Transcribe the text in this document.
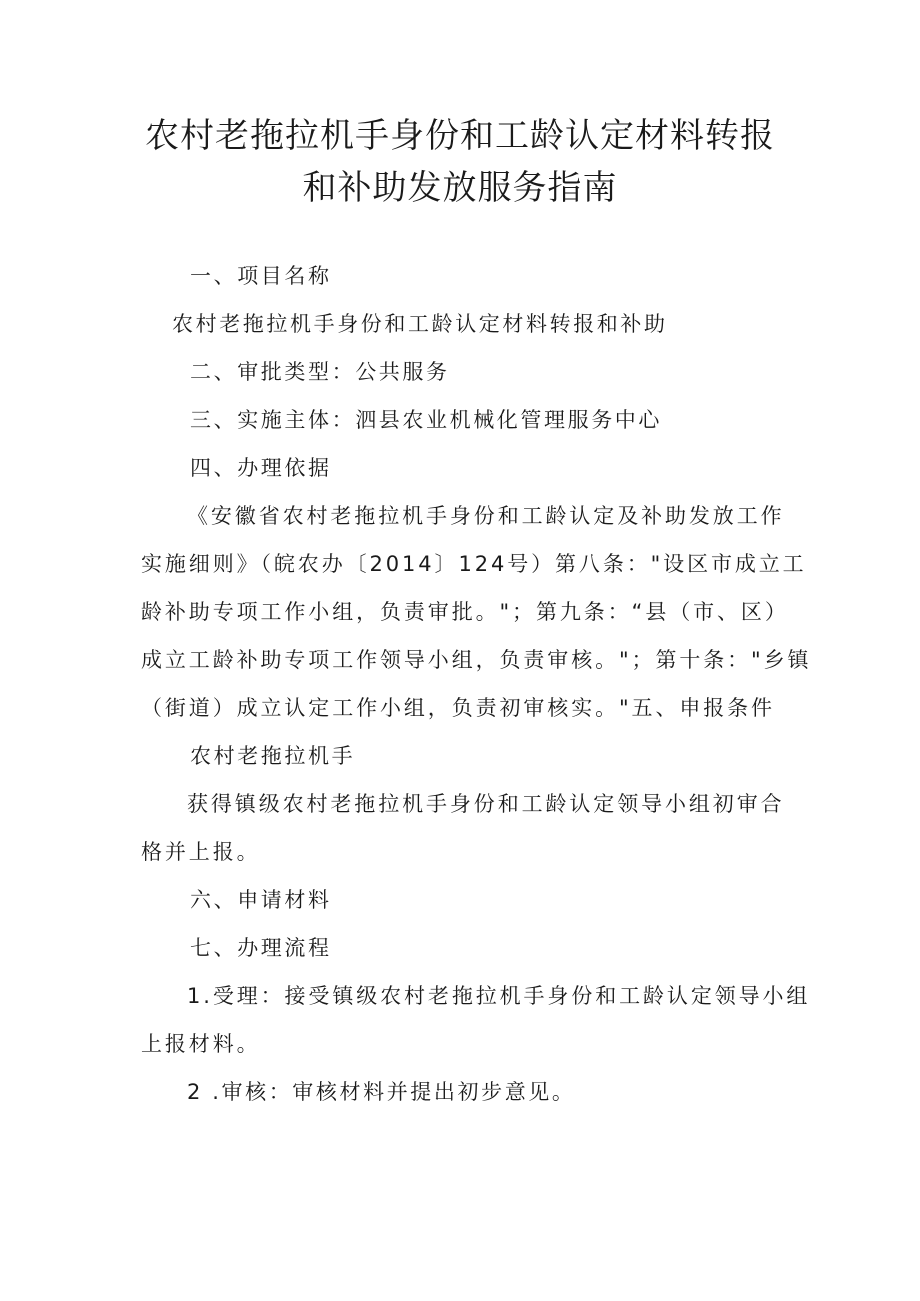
农村老拖拉机手身份和工龄认定材料转报
和补助发放服务指南
一、项目名称
农村老拖拉机手身份和工龄认定材料转报和补助
二、审批类型：公共服务
三、实施主体：泗县农业机械化管理服务中心
四、办理依据
《安徽省农村老拖拉机手身份和工龄认定及补助发放工作
实施细则》（皖农办〔2014〕124号）第八条："设区市成立工
龄补助专项工作小组，负责审批。"；第九条：“县（市、区）
成立工龄补助专项工作领导小组，负责审核。"；第十条："乡镇
（街道）成立认定工作小组，负责初审核实。"五、申报条件
农村老拖拉机手
获得镇级农村老拖拉机手身份和工龄认定领导小组初审合
格并上报。
六、申请材料
七、办理流程
1.受理：接受镇级农村老拖拉机手身份和工龄认定领导小组
上报材料。
2 .审核：审核材料并提出初步意见。
